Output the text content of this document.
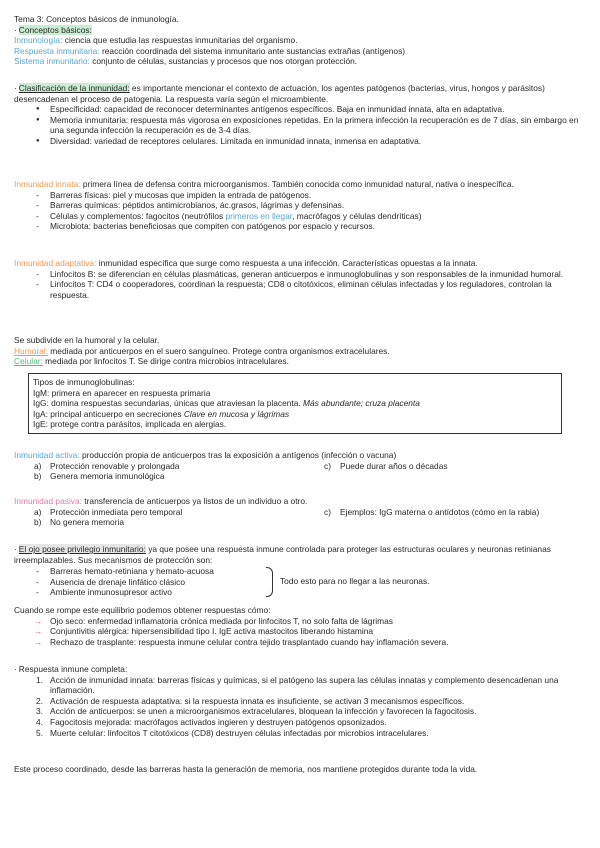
Tema 3: Conceptos básicos de inmunología.

· Conceptos básicos:

Inmunología: ciencia que estudia las respuestas inmunitarias del organismo.

Respuesta inmunitaria: reacción coordinada del sistema inmunitario ante sustancias extrañas (antígenos)

Sistema inmunitario: conjunto de células, sustancias y procesos que nos otorgan protección.

· Clasificación de la inmunidad: es importante mencionar el contexto de actuación, los agentes patógenos (bacterias, virus, hongos y parásitos) desencadenan el proceso de patogenia. La respuesta varía según el microambiente.

● Especificidad: capacidad de reconocer determinantes antígenos específicos. Baja en inmunidad innata, alta en adaptativa.
● Memoria inmunitaria: respuesta más vigorosa en exposiciones repetidas. En la primera infección la recuperación es de 7 días, sin embargo en una segunda infección la recuperación es de 3-4 días.
● Diversidad: variedad de receptores celulares. Limitada en inmunidad innata, inmensa en adaptativa.

Inmunidad innata: primera línea de defensa contra microorganismos. También conocida como inmunidad natural, nativa o inespecífica.

- Barreras físicas: piel y mucosas que impiden la entrada de patógenos.
- Barreras químicas: péptidos antimicrobianos, ác.grasos, lágrimas y defensinas.
- Células y complementos: fagocitos (neutrófilos primeros en llegar, macrófagos y células dendríticas)
- Microbiota: bacterias beneficiosas que compiten con patógenos por espacio y recursos.

Inmunidad adaptativa: inmunidad específica que surge como respuesta a una infección. Características opuestas a la innata.

- Linfocitos B: se diferencian en células plasmáticas, generan anticuerpos e inmunoglobulinas y son responsables de la inmunidad humoral.
- Linfocitos T: CD4 o cooperadores, coordinan la respuesta; CD8 o citotóxicos, eliminan células infectadas y los reguladores, controlan la respuesta.

Se subdivide en la humoral y la celular.

Humoral: mediada por anticuerpos en el suero sanguíneo. Protege contra organismos extracelulares.

Celular: mediada por linfocitos T. Se dirige contra microbios intracelulares.

Tipos de inmunoglobulinas:

IgM: primera en aparecer en respuesta primaria

IgG: domina respuestas secundarias, únicas que atraviesan la placenta. Más abundante; cruza placenta

IgA: principal anticuerpo en secreciones Clave en mucosa y lágrimas

IgE: protege contra parásitos, implicada en alergias.

Inmunidad activa: producción propia de anticuerpos tras la exposición a antígenos (infección o vacuna)

a) Protección renovable y prolongada	c) Puede durar años o décadas
b) Genera memoria inmunológica

Inmunidad pasiva: transferencia de anticuerpos ya listos de un individuo a otro.

a) Protección inmediata pero temporal	c) Ejemplos: IgG materna o antídotos (cómo en la rabia)
b) No genera memoria

· El ojo posee privilegio inmunitario: ya que posee una respuesta inmune controlada para proteger las estructuras oculares y neuronas retinianas irreemplazables. Sus mecanismos de protección son:

- Barreras hemato-retiniana y hemato-acuosa
- Ausencia de drenaje linfático clásico
- Ambiente inmunosupresor activo
Todo esto para no llegar a las neuronas.

Cuando se rompe este equilibrio podemos obtener respuestas cómo:

→ Ojo seco: enfermedad inflamatoria crónica mediada por linfocitos T, no solo falta de lágrimas
→ Conjuntivitis alérgica: hipersensibilidad tipo I. IgE activa mastocitos liberando histamina
→ Rechazo de trasplante: respuesta inmune celular contra tejido trasplantado cuando hay inflamación severa.

· Respuesta inmune completa:

1. Acción de inmunidad innata: barreras físicas y químicas, si el patógeno las supera las células innatas y complemento desencadenan una inflamación.
2. Activación de respuesta adaptativa: si la respuesta innata es insuficiente, se activan 3 mecanismos específicos.
3. Acción de anticuerpos: se unen a microorganismos extracelulares, bloquean la infección y favorecen la fagocitosis.
4. Fagocitosis mejorada: macrófagos activados ingieren y destruyen patógenos opsonizados.
5. Muerte celular: linfocitos T citotóxicos (CD8) destruyen células infectadas por microbios intracelulares.

Este proceso coordinado, desde las barreras hasta la generación de memoria, nos mantiene protegidos durante toda la vida.
